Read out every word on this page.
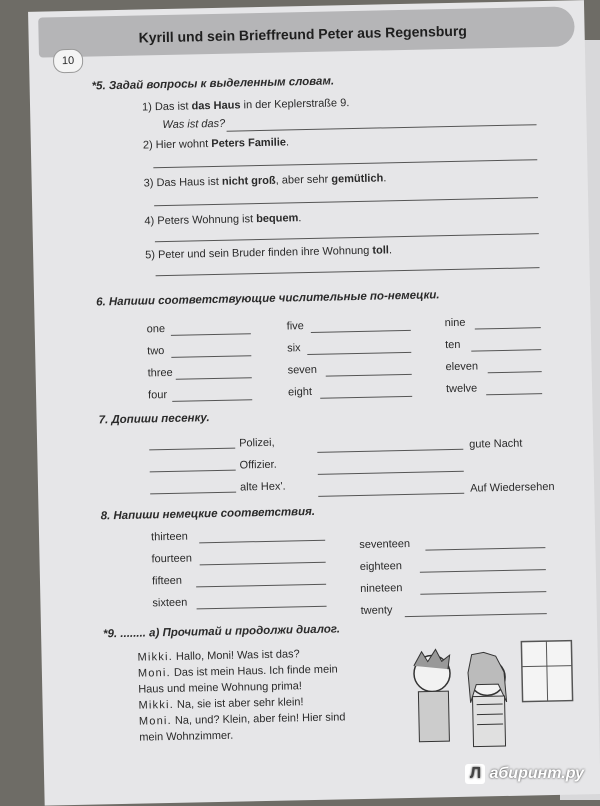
Kyrill und sein Brieffreund Peter aus Regensburg
10
*5. Задай вопросы к выделенным словам.
1) Das ist das Haus in der Keplerstraße 9.
Was ist das?
2) Hier wohnt Peters Familie.
3) Das Haus ist nicht groß, aber sehr gemütlich.
4) Peters Wohnung ist bequem.
5) Peter und sein Bruder finden ihre Wohnung toll.
6. Напиши соответствующие числительные по-немецки.
one
two
three
four
five
six
seven
eight
nine
ten
eleven
twelve
7. Допиши песенку.
Polizei,
Offizier.
alte Hex'.
gute Nacht
Auf Wiedersehen
8. Напиши немецкие соответствия.
thirteen
fourteen
fifteen
sixteen
seventeen
eighteen
nineteen
twenty
*9. ........ а) Прочитай и продолжи диалог.
Mikki. Hallo, Moni! Was ist das?
Moni. Das ist mein Haus. Ich finde mein
Haus und meine Wohnung prima!
Mikki. Na, sie ist aber sehr klein!
Moni. Na, und? Klein, aber fein! Hier sind
mein Wohnzimmer.
Л абиринт.ру
